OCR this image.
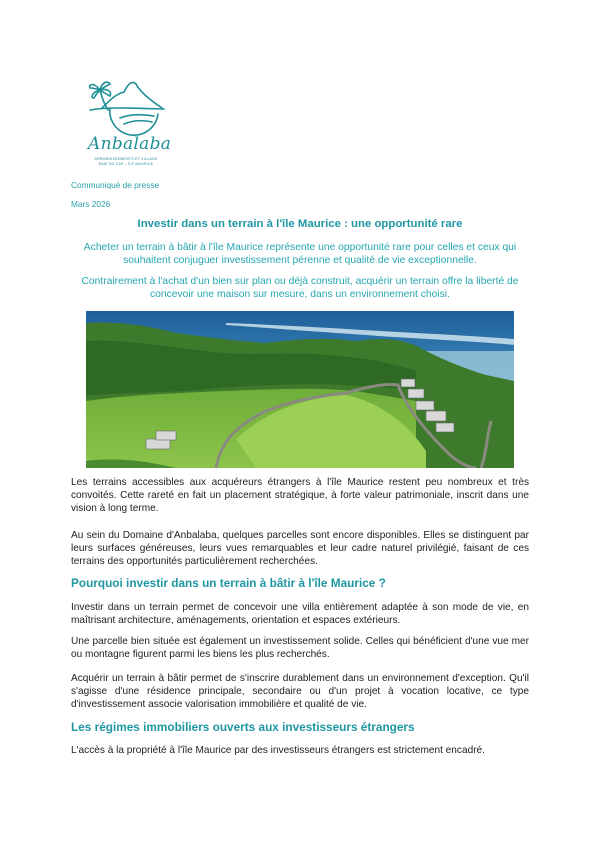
Anbalaba
ARRONDISSEMENTS ET VILLAGE
BAIE DU CAP – ÎLE MAURICE
Communiqué de presse
Mars 2026
Investir dans un terrain à l'île Maurice : une opportunité rare
Acheter un terrain à bâtir à l'île Maurice représente une opportunité rare pour celles et ceux qui souhaitent conjuguer investissement pérenne et qualité de vie exceptionnelle.
Contrairement à l'achat d'un bien sur plan ou déjà construit, acquérir un terrain offre la liberté de concevoir une maison sur mesure, dans un environnement choisi.
Les terrains accessibles aux acquéreurs étrangers à l'île Maurice restent peu nombreux et très convoités. Cette rareté en fait un placement stratégique, à forte valeur patrimoniale, inscrit dans une vision à long terme.
Au sein du Domaine d'Anbalaba, quelques parcelles sont encore disponibles. Elles se distinguent par leurs surfaces généreuses, leurs vues remarquables et leur cadre naturel privilégié, faisant de ces terrains des opportunités particulièrement recherchées.
Pourquoi investir dans un terrain à bâtir à l'île Maurice ?
Investir dans un terrain permet de concevoir une villa entièrement adaptée à son mode de vie, en maîtrisant architecture, aménagements, orientation et espaces extérieurs.
Une parcelle bien située est également un investissement solide. Celles qui bénéficient d'une vue mer ou montagne figurent parmi les biens les plus recherchés.
Acquérir un terrain à bâtir permet de s'inscrire durablement dans un environnement d'exception. Qu'il s'agisse d'une résidence principale, secondaire ou d'un projet à vocation locative, ce type d'investissement associe valorisation immobilière et qualité de vie.
Les régimes immobiliers ouverts aux investisseurs étrangers
L'accès à la propriété à l'île Maurice par des investisseurs étrangers est strictement encadré.
